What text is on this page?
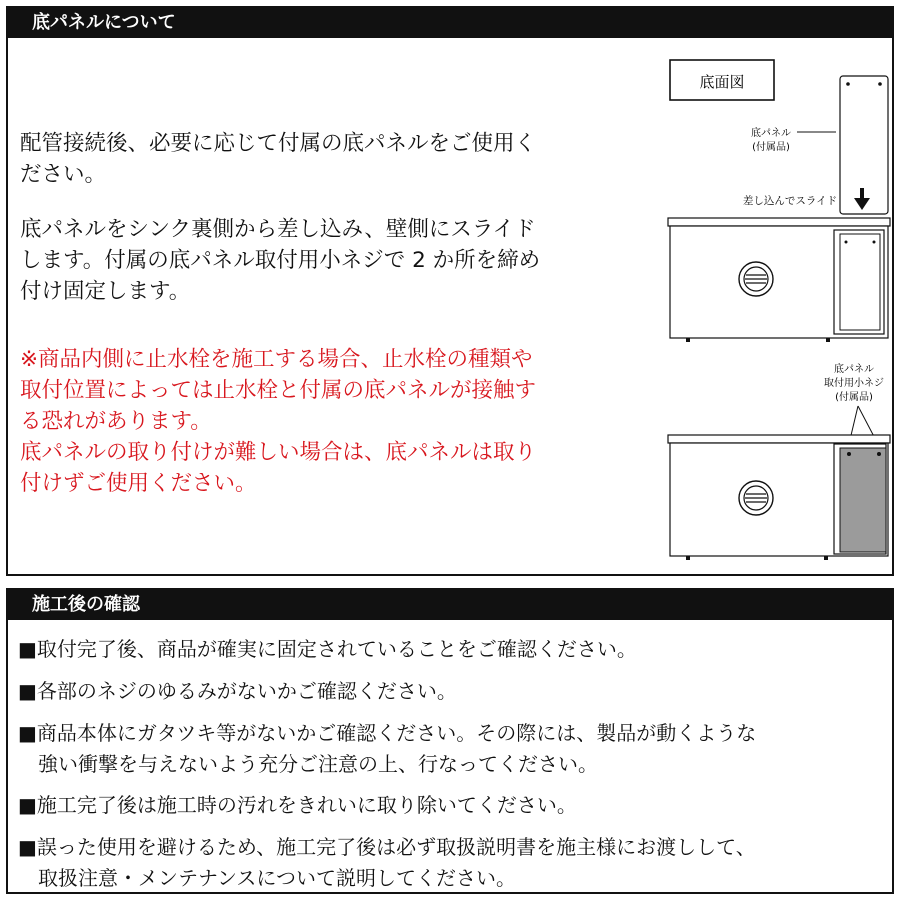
底パネルについて

配管接続後、必要に応じて付属の底パネルをご使用く
ださい。

底パネルをシンク裏側から差し込み、壁側にスライド
します。付属の底パネル取付用小ネジで 2 か所を締め
付け固定します。

※商品内側に止水栓を施工する場合、止水栓の種類や
取付位置によっては止水栓と付属の底パネルが接触す
る恐れがあります。
底パネルの取り付けが難しい場合は、底パネルは取り
付けずご使用ください。

底面図
底パネル
(付属品)
差し込んでスライド
底パネル
取付用小ネジ
(付属品)
施工後の確認
■取付完了後、商品が確実に固定されていることをご確認ください。
■各部のネジのゆるみがないかご確認ください。
■商品本体にガタツキ等がないかご確認ください。その際には、製品が動くような
強い衝撃を与えないよう充分ご注意の上、行なってください。
■施工完了後は施工時の汚れをきれいに取り除いてください。
■誤った使用を避けるため、施工完了後は必ず取扱説明書を施主様にお渡しして、
取扱注意・メンテナンスについて説明してください。
